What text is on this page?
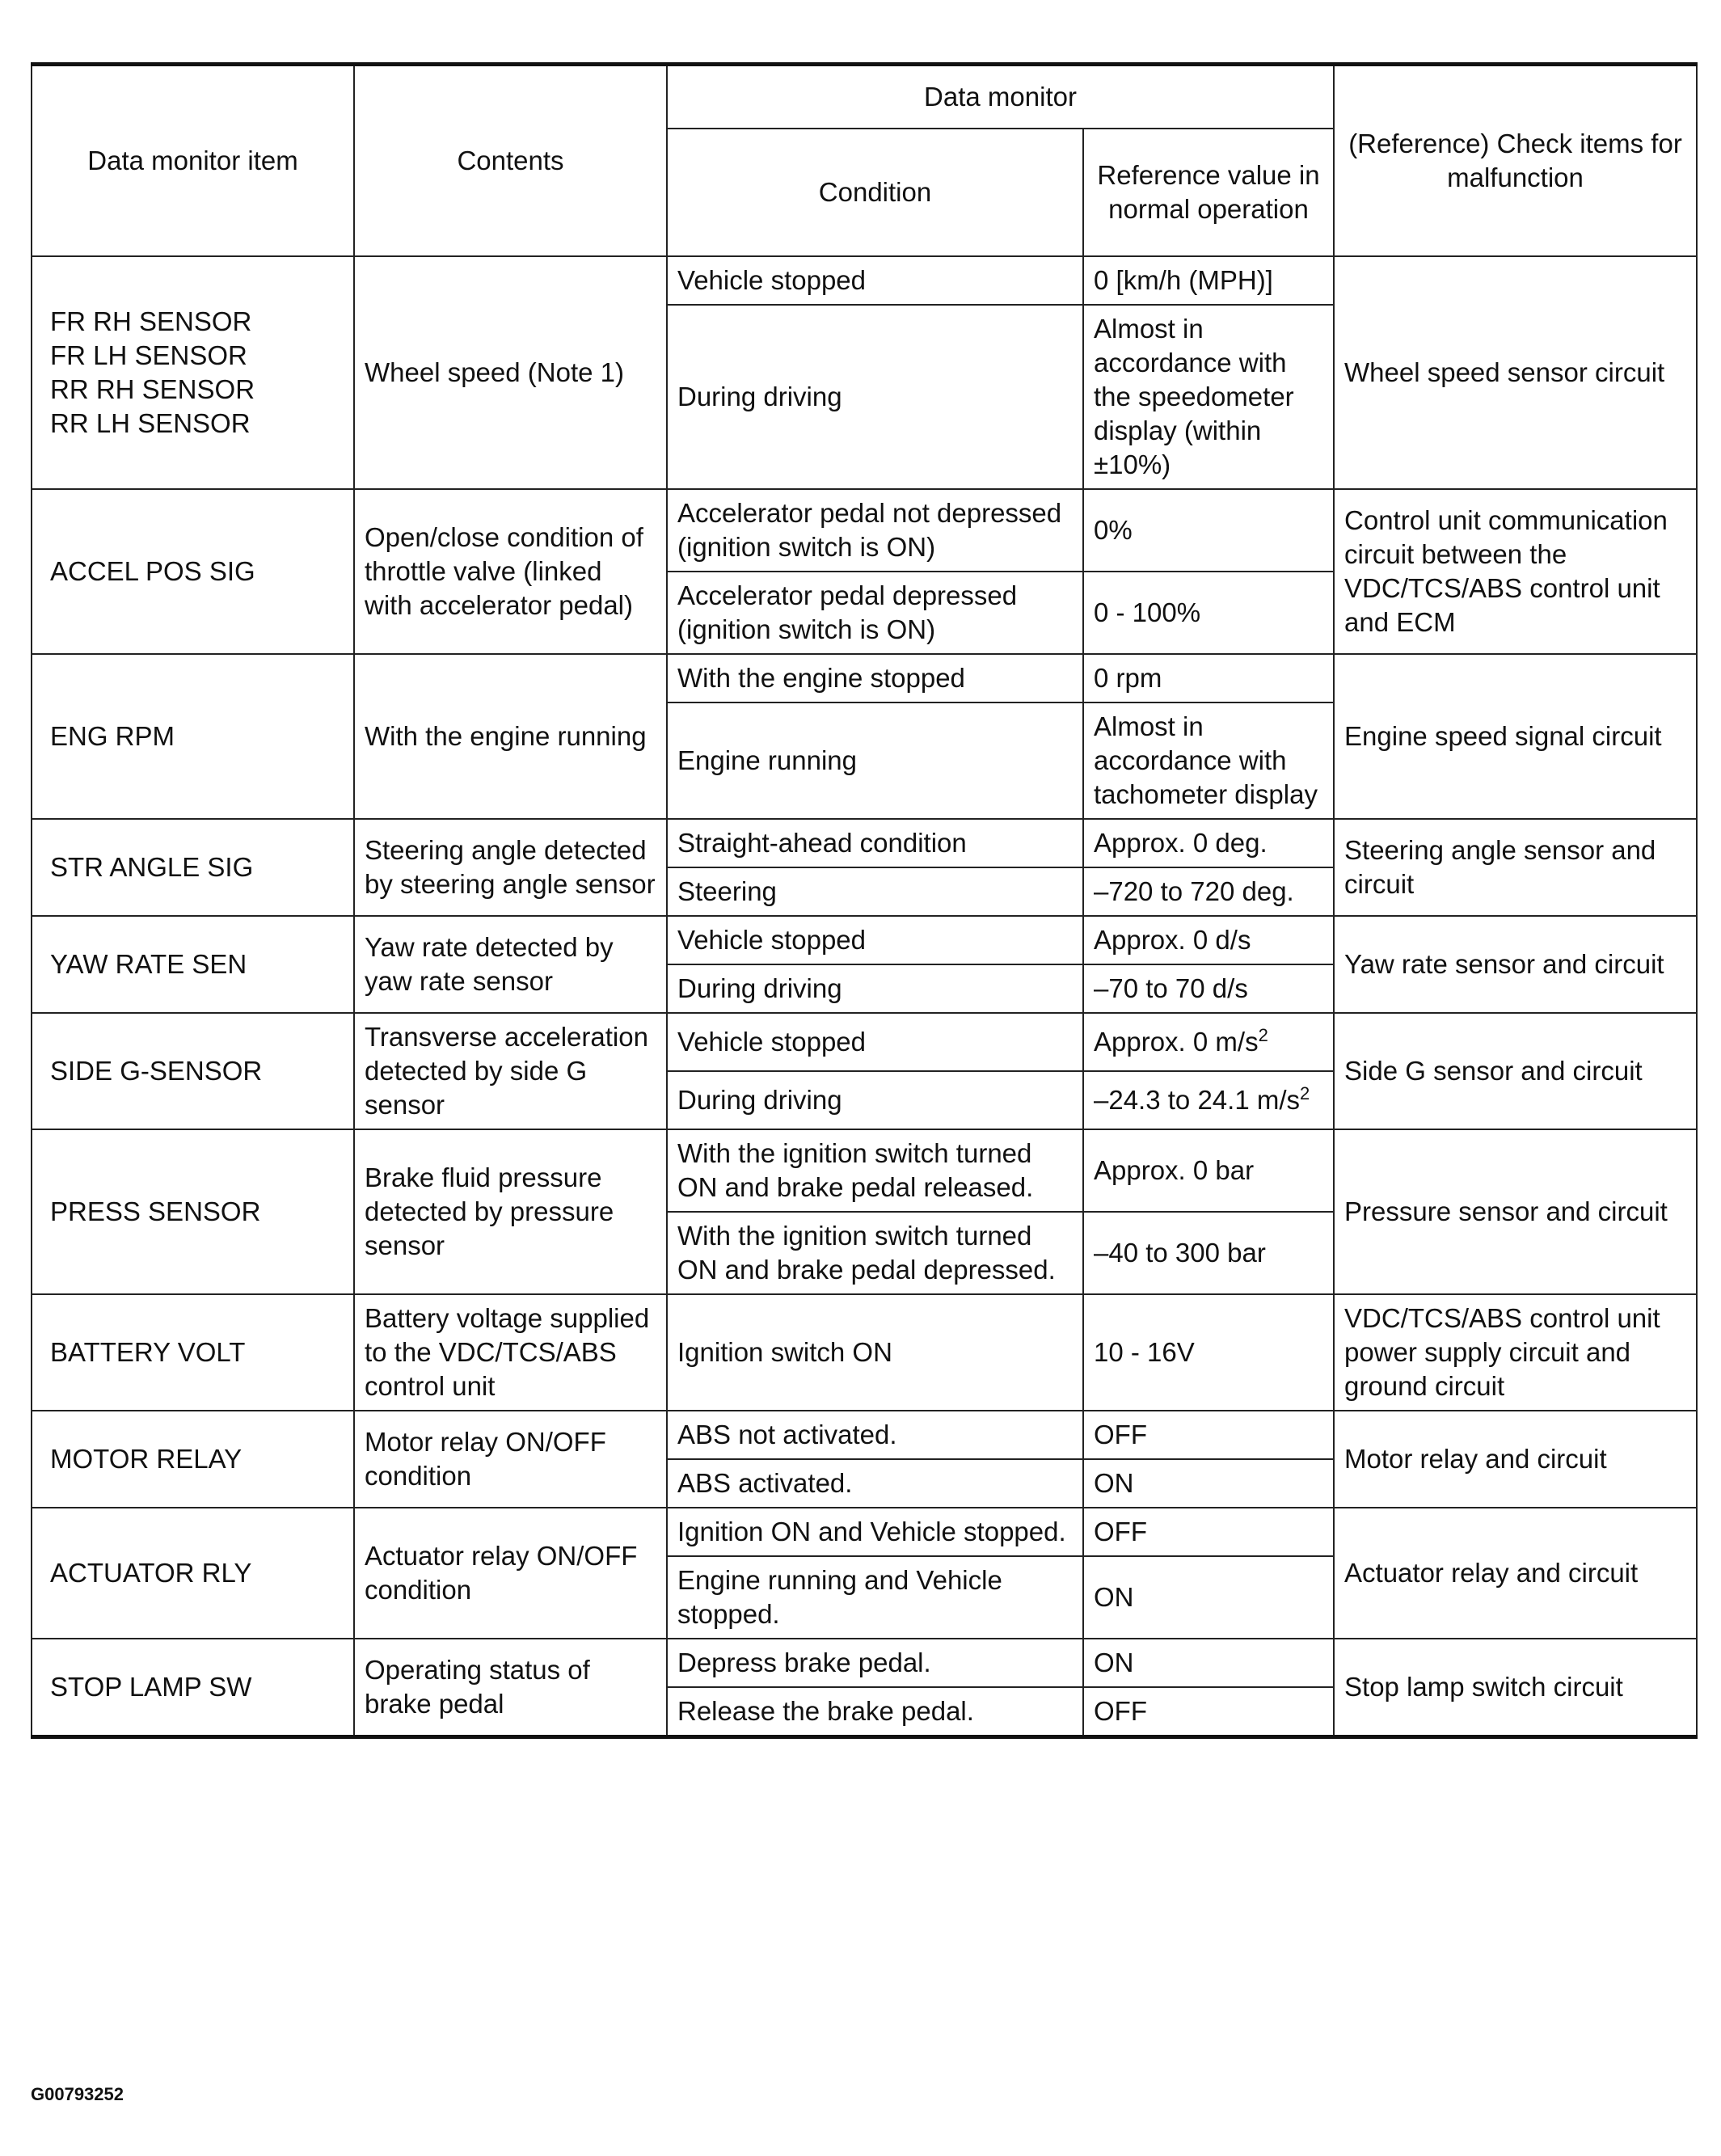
Data monitor item	Contents	Data monitor		(Reference) Check items for malfunction
		Condition	Reference value in normal operation	

FR RH SENSOR
FR LH SENSOR
RR RH SENSOR
RR LH SENSOR	Wheel speed (Note 1)	Vehicle stopped	0 [km/h (MPH)]	Wheel speed sensor circuit
		During driving	Almost in accordance with the speedometer display (within ±10%)	

ACCEL POS SIG	Open/close condition of throttle valve (linked with accelerator pedal)	Accelerator pedal not depressed (ignition switch is ON)	0%	Control unit communication circuit between the VDC/TCS/ABS control unit and ECM
		Accelerator pedal depressed (ignition switch is ON)	0 - 100%	

ENG RPM	With the engine running	With the engine stopped	0 rpm	Engine speed signal circuit
		Engine running	Almost in accordance with tachometer display	

STR ANGLE SIG	Steering angle detected by steering angle sensor	Straight-ahead condition	Approx. 0 deg.	Steering angle sensor and circuit
		Steering	–720 to 720 deg.	

YAW RATE SEN	Yaw rate detected by yaw rate sensor	Vehicle stopped	Approx. 0 d/s	Yaw rate sensor and circuit
		During driving	–70 to 70 d/s	

SIDE G-SENSOR	Transverse acceleration detected by side G sensor	Vehicle stopped	Approx. 0 $m/s^2$	Side G sensor and circuit
		During driving	–24.3 to 24.1 $m/s^2$

PRESS SENSOR	Brake fluid pressure detected by pressure sensor	With the ignition switch turned ON and brake pedal released.	Approx. 0 bar	Pressure sensor and circuit
		With the ignition switch turned ON and brake pedal depressed.	–40 to 300 bar	

BATTERY VOLT	Battery voltage supplied to the VDC/TCS/ABS control unit	Ignition switch ON	10 - 16V	VDC/TCS/ABS control unit power supply circuit and ground circuit

MOTOR RELAY	Motor relay ON/OFF condition	ABS not activated.	OFF	Motor relay and circuit
		ABS activated.	ON	

ACTUATOR RLY	Actuator relay ON/OFF condition	Ignition ON and Vehicle stopped.	OFF	Actuator relay and circuit
		Engine running and Vehicle stopped.	ON	

STOP LAMP SW	Operating status of brake pedal	Depress brake pedal.	ON	Stop lamp switch circuit
		Release the brake pedal.	OFF	
G00793252
